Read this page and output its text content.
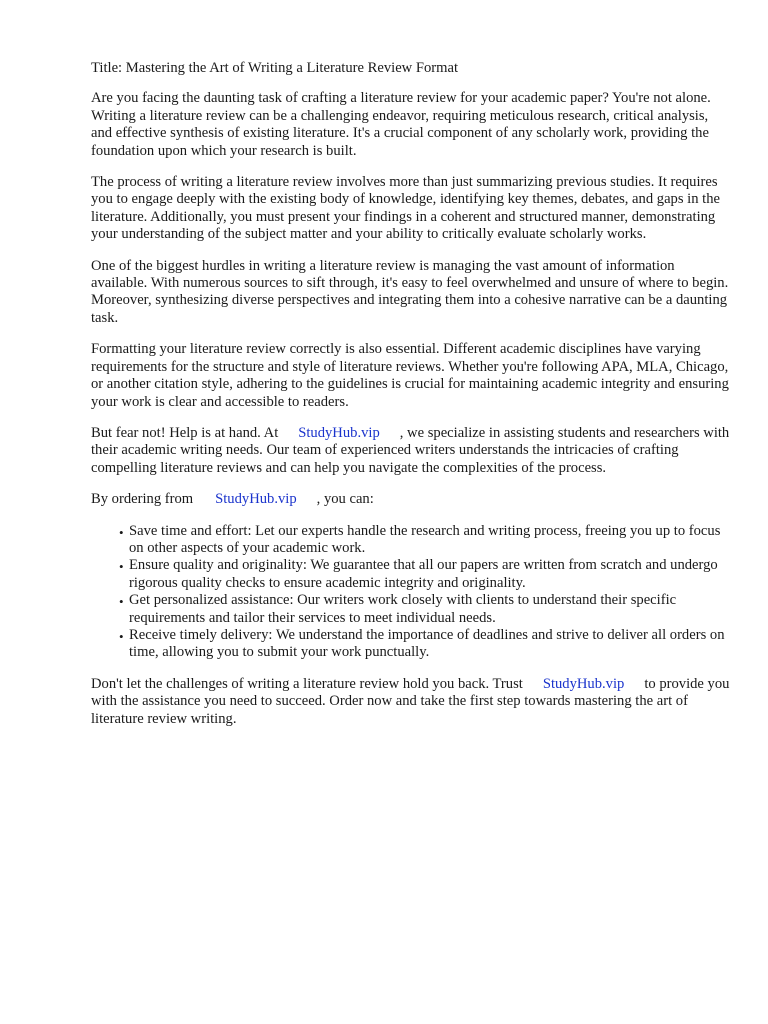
Title: Mastering the Art of Writing a Literature Review Format

Are you facing the daunting task of crafting a literature review for your academic paper? You're not alone. Writing a literature review can be a challenging endeavor, requiring meticulous research, critical analysis, and effective synthesis of existing literature. It's a crucial component of any scholarly work, providing the foundation upon which your research is built.

The process of writing a literature review involves more than just summarizing previous studies. It requires you to engage deeply with the existing body of knowledge, identifying key themes, debates, and gaps in the literature. Additionally, you must present your findings in a coherent and structured manner, demonstrating your understanding of the subject matter and your ability to critically evaluate scholarly works.

One of the biggest hurdles in writing a literature review is managing the vast amount of information available. With numerous sources to sift through, it's easy to feel overwhelmed and unsure of where to begin. Moreover, synthesizing diverse perspectives and integrating them into a cohesive narrative can be a daunting task.

Formatting your literature review correctly is also essential. Different academic disciplines have varying requirements for the structure and style of literature reviews. Whether you're following APA, MLA, Chicago, or another citation style, adhering to the guidelines is crucial for maintaining academic integrity and ensuring your work is clear and accessible to readers.

But fear not! Help is at hand. At StudyHub.vip , we specialize in assisting students and researchers with their academic writing needs. Our team of experienced writers understands the intricacies of crafting compelling literature reviews and can help you navigate the complexities of the process.

By ordering from StudyHub.vip , you can:

• Save time and effort: Let our experts handle the research and writing process, freeing you up to focus on other aspects of your academic work.
• Ensure quality and originality: We guarantee that all our papers are written from scratch and undergo rigorous quality checks to ensure academic integrity and originality.
• Get personalized assistance: Our writers work closely with clients to understand their specific requirements and tailor their services to meet individual needs.
• Receive timely delivery: We understand the importance of deadlines and strive to deliver all orders on time, allowing you to submit your work punctually.

Don't let the challenges of writing a literature review hold you back. Trust StudyHub.vip to provide you with the assistance you need to succeed. Order now and take the first step towards mastering the art of literature review writing.
